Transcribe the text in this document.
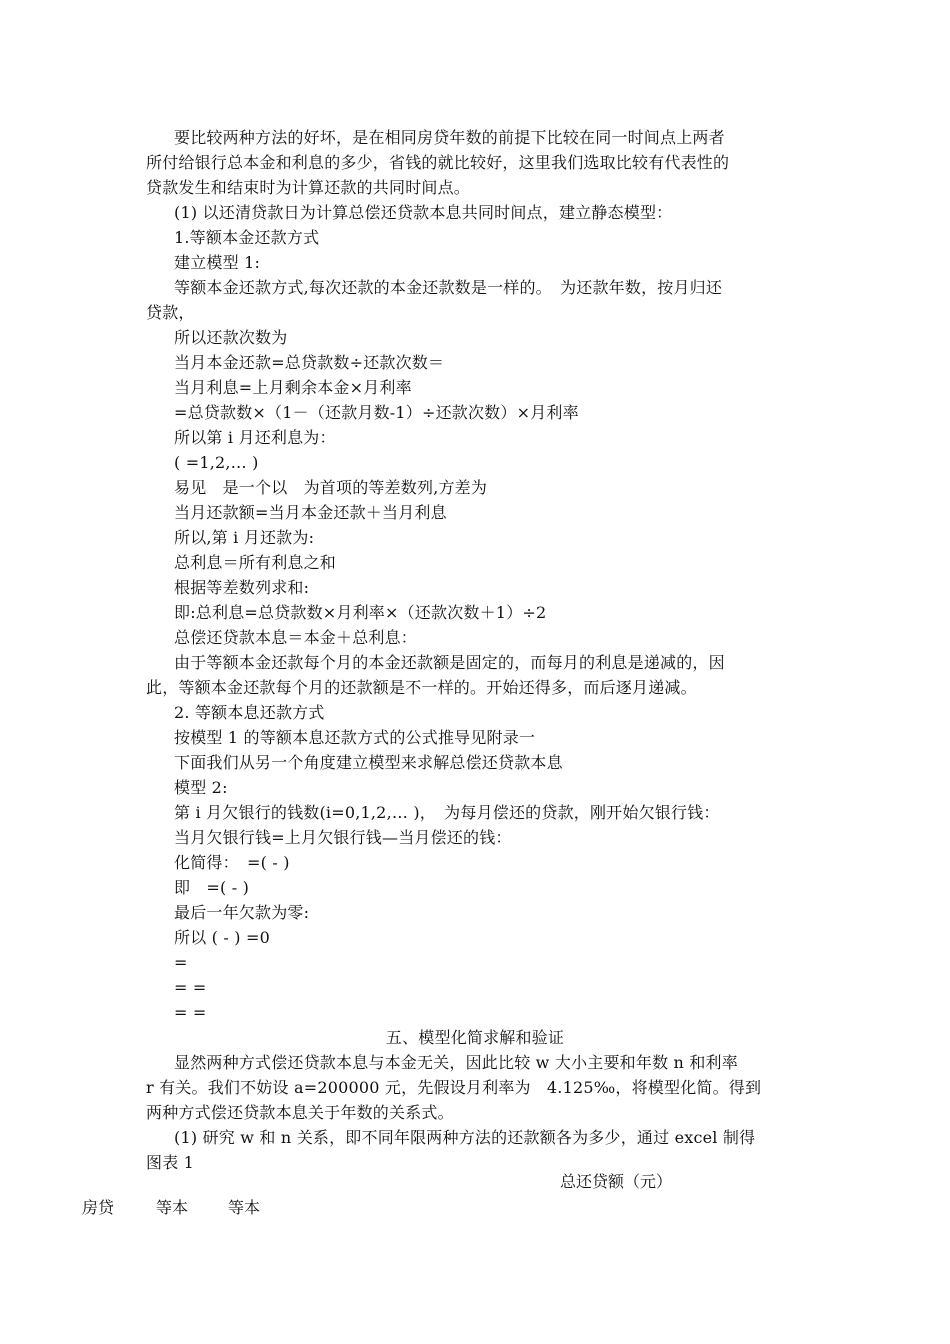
要比较两种方法的好坏，是在相同房贷年数的前提下比较在同一时间点上两者
所付给银行总本金和利息的多少，省钱的就比较好，这里我们选取比较有代表性的
贷款发生和结束时为计算还款的共同时间点。
(1) 以还清贷款日为计算总偿还贷款本息共同时间点，建立静态模型：
1.等额本金还款方式
建立模型 1:
等额本金还款方式,每次还款的本金还款数是一样的。　为还款年数，按月归还
贷款，
所以还款次数为
当月本金还款=总贷款数÷还款次数＝
当月利息=上月剩余本金×月利率
=总贷款数×（1－（还款月数-1）÷还款次数）×月利率
所以第 i 月还利息为：
( =1,2,… )
易见　是一个以　为首项的等差数列,方差为
当月还款额=当月本金还款＋当月利息
所以,第 i 月还款为:
总利息＝所有利息之和
根据等差数列求和:
即:总利息=总贷款数×月利率×（还款次数＋1）÷2
总偿还贷款本息＝本金＋总利息：
由于等额本金还款每个月的本金还款额是固定的，而每月的利息是递减的，因
此，等额本金还款每个月的还款额是不一样的。开始还得多，而后逐月递减。
2. 等额本息还款方式
按模型 1 的等额本息还款方式的公式推导见附录一
下面我们从另一个角度建立模型来求解总偿还贷款本息
模型 2:
第 i 月欠银行的钱数(i=0,1,2,… )，　为每月偿还的贷款，刚开始欠银行钱：
当月欠银行钱=上月欠银行钱—当月偿还的钱：
化简得：　=( - )
即　=( - )
最后一年欠款为零:
所以 ( - ) =0
=
= =
= =
五、模型化简求解和验证
显然两种方式偿还贷款本息与本金无关，因此比较 w 大小主要和年数 n 和利率
r 有关。我们不妨设 a=200000 元，先假设月利率为　4.125‰，将模型化简。得到
两种方式偿还贷款本息关于年数的关系式。
(1) 研究 w 和 n 关系，即不同年限两种方法的还款额各为多少，通过 excel 制得
图表 1
总还贷额（元）
房贷	等本 等本
